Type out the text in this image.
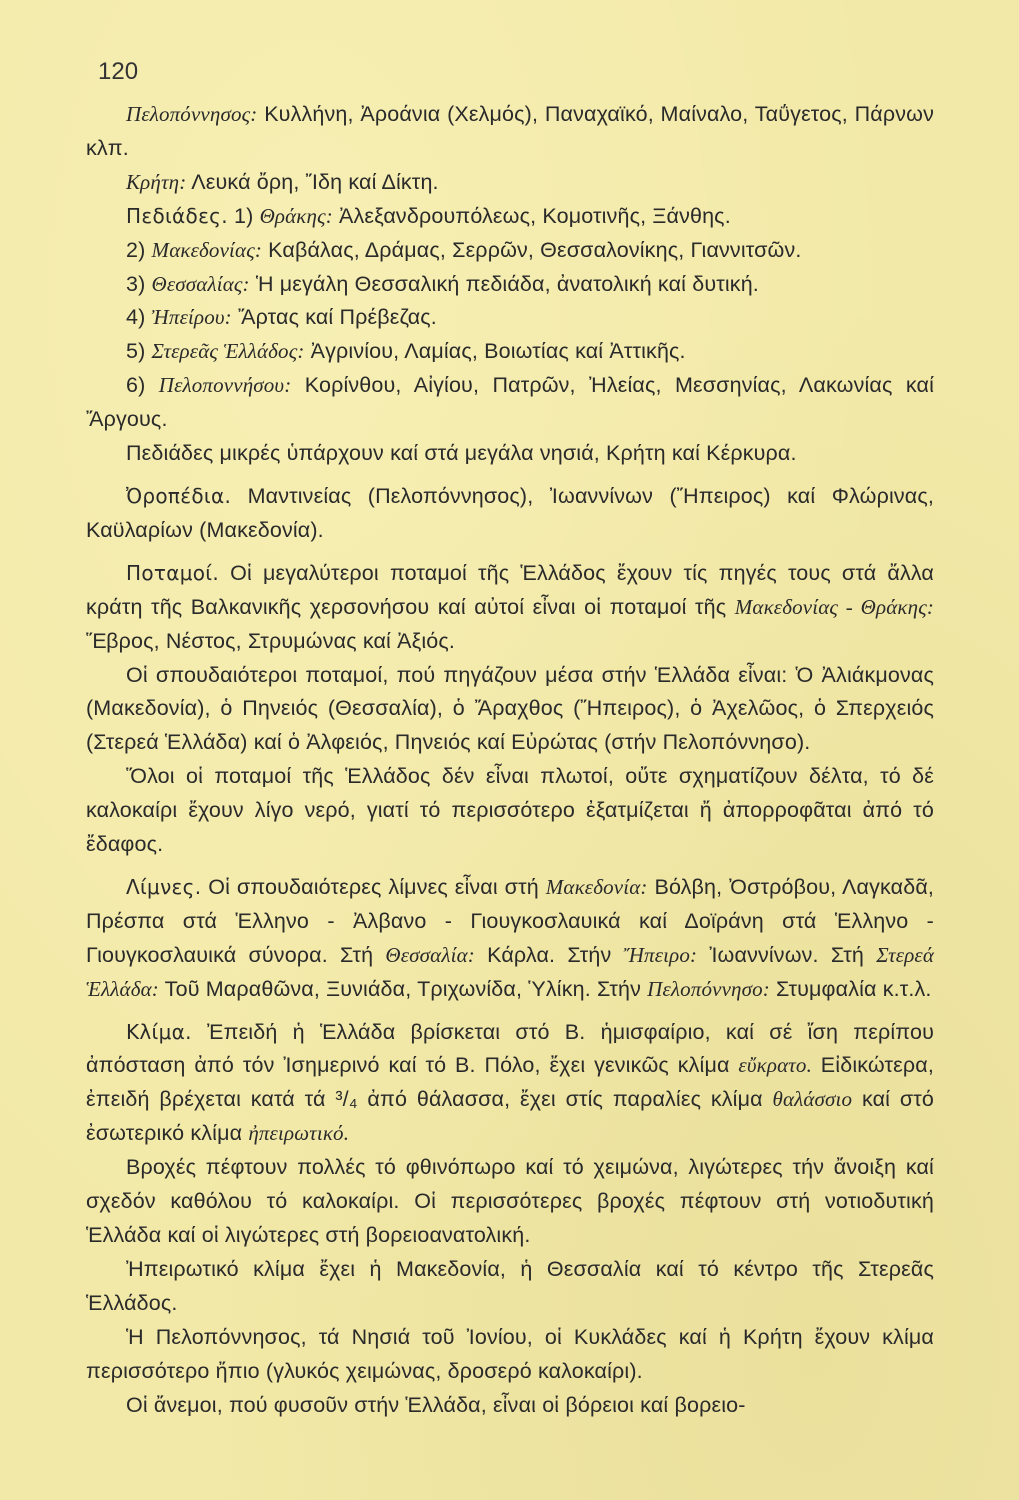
120

Πελοπόννησος: Κυλλήνη, Ἀροάνια (Χελμός), Παναχαϊκό, Μαίναλο, Ταΰγετος, Πάρνων κλπ.

Κρήτη: Λευκά ὄρη, Ἴδη καί Δίκτη.

Πεδιάδες. 1) Θράκης: Ἀλεξανδρουπόλεως, Κομοτινῆς, Ξάνθης.

2) Μακεδονίας: Καβάλας, Δράμας, Σερρῶν, Θεσσαλονίκης, Γιαννιτσῶν.

3) Θεσσαλίας: Ἡ μεγάλη Θεσσαλική πεδιάδα, ἀνατολική καί δυτική.

4) Ἠπείρου: Ἄρτας καί Πρέβεζας.

5) Στερεᾶς Ἑλλάδος: Ἀγρινίου, Λαμίας, Βοιωτίας καί Ἀττικῆς.

6) Πελοποννήσου: Κορίνθου, Αἰγίου, Πατρῶν, Ἠλείας, Μεσσηνίας, Λακωνίας καί Ἄργους.

Πεδιάδες μικρές ὑπάρχουν καί στά μεγάλα νησιά, Κρήτη καί Κέρκυρα.

Ὀροπέδια. Μαντινείας (Πελοπόννησος), Ἰωαννίνων (Ἤπειρος) καί Φλώρινας, Καϋλαρίων (Μακεδονία).

Ποταμοί. Οἱ μεγαλύτεροι ποταμοί τῆς Ἑλλάδος ἔχουν τίς πηγές τους στά ἄλλα κράτη τῆς Βαλκανικῆς χερσονήσου καί αὐτοί εἶναι οἱ ποταμοί τῆς Μακεδονίας - Θράκης: Ἕβρος, Νέστος, Στρυμώνας καί Ἀξιός.

Οἱ σπουδαιότεροι ποταμοί, πού πηγάζουν μέσα στήν Ἑλλάδα εἶναι: Ὁ Ἀλιάκμονας (Μακεδονία), ὁ Πηνειός (Θεσσαλία), ὁ Ἄραχθος (Ἤπειρος), ὁ Ἀχελῶος, ὁ Σπερχειός (Στερεά Ἑλλάδα) καί ὁ Ἀλφειός, Πηνειός καί Εὐρώτας (στήν Πελοπόννησο).

Ὅλοι οἱ ποταμοί τῆς Ἑλλάδος δέν εἶναι πλωτοί, οὔτε σχηματίζουν δέλτα, τό δέ καλοκαίρι ἔχουν λίγο νερό, γιατί τό περισσότερο ἐξατμίζεται ἤ ἀπορροφᾶται ἀπό τό ἔδαφος.

Λίμνες. Οἱ σπουδαιότερες λίμνες εἶναι στή Μακεδονία: Βόλβη, Ὀστρόβου, Λαγκαδᾶ, Πρέσπα στά Ἑλληνο - Ἀλβανο - Γιουγκοσλαυικά καί Δοϊράνη στά Ἑλληνο - Γιουγκοσλαυικά σύνορα. Στή Θεσσαλία: Κάρλα. Στήν Ἤπειρο: Ἰωαννίνων. Στή Στερεά Ἑλλάδα: Τοῦ Μαραθῶνα, Ξυνιάδα, Τριχωνίδα, Ὑλίκη. Στήν Πελοπόννησο: Στυμφαλία κ.τ.λ.

Κλίμα. Ἐπειδή ἡ Ἑλλάδα βρίσκεται στό Β. ἡμισφαίριο, καί σέ ἴση περίπου ἀπόσταση ἀπό τόν Ἰσημερινό καί τό Β. Πόλο, ἔχει γενικῶς κλίμα εὔκρατο. Εἰδικώτερα, ἐπειδή βρέχεται κατά τά ³/₄ ἀπό θάλασσα, ἔχει στίς παραλίες κλίμα θαλάσσιο καί στό ἐσωτερικό κλίμα ἠπειρωτικό.

Βροχές πέφτουν πολλές τό φθινόπωρο καί τό χειμώνα, λιγώτερες τήν ἄνοιξη καί σχεδόν καθόλου τό καλοκαίρι. Οἱ περισσότερες βροχές πέφτουν στή νοτιοδυτική Ἑλλάδα καί οἱ λιγώτερες στή βορειοανατολική.

Ἠπειρωτικό κλίμα ἔχει ἡ Μακεδονία, ἡ Θεσσαλία καί τό κέντρο τῆς Στερεᾶς Ἑλλάδος.

Ἡ Πελοπόννησος, τά Νησιά τοῦ Ἰονίου, οἱ Κυκλάδες καί ἡ Κρήτη ἔχουν κλίμα περισσότερο ἤπιο (γλυκός χειμώνας, δροσερό καλοκαίρι).

Οἱ ἄνεμοι, πού φυσοῦν στήν Ἑλλάδα, εἶναι οἱ βόρειοι καί βορειο-
